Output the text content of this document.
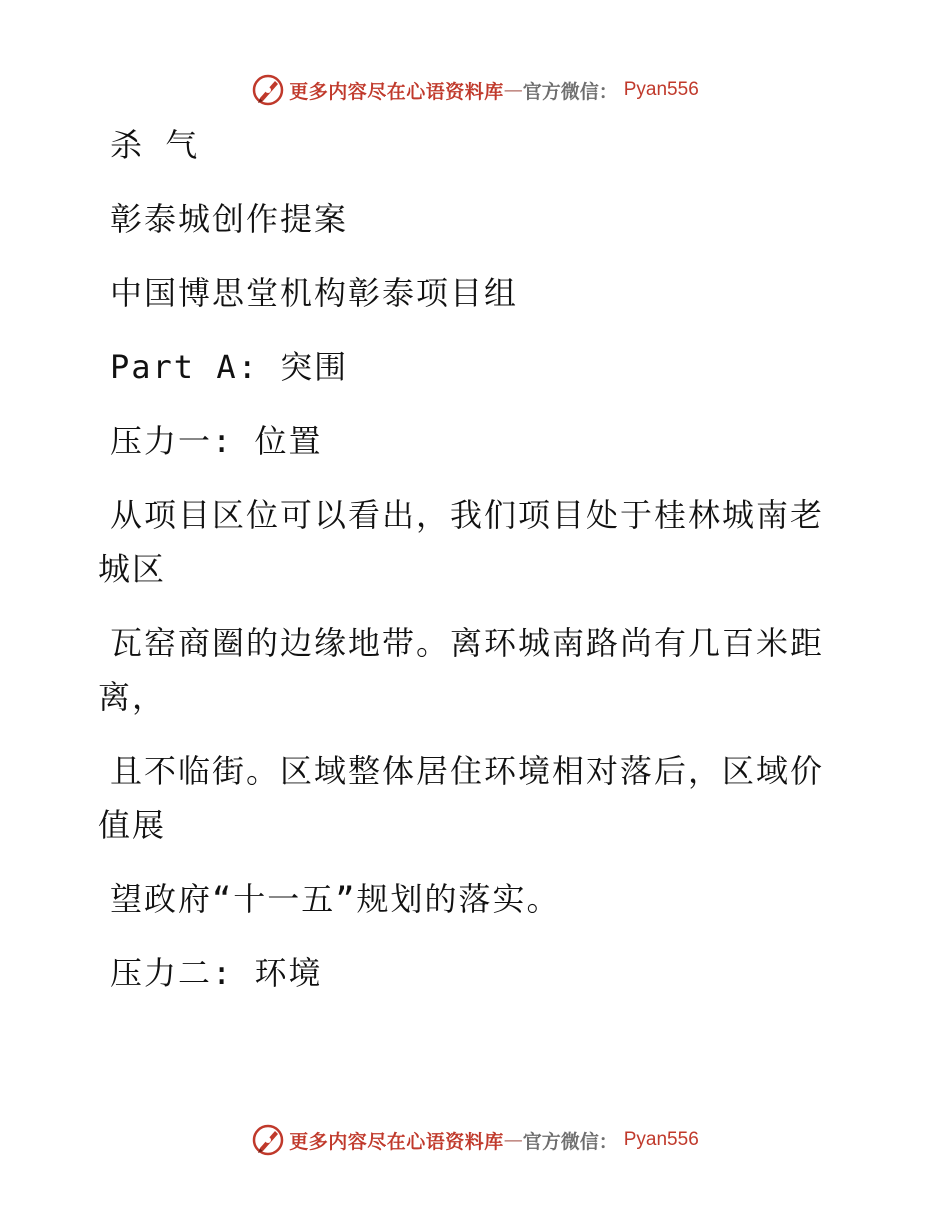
更多内容尽在心语资料库 — 官方微信： Pyan556

杀 气

彰泰城创作提案

中国博思堂机构彰泰项目组

Part A: 突围

压力一: 位置

从项目区位可以看出，我们项目处于桂林城南老城区

瓦窑商圈的边缘地带。离环城南路尚有几百米距离，

且不临街。区域整体居住环境相对落后，区域价值展

望政府“十一五”规划的落实。

压力二: 环境

更多内容尽在心语资料库 — 官方微信： Pyan556
